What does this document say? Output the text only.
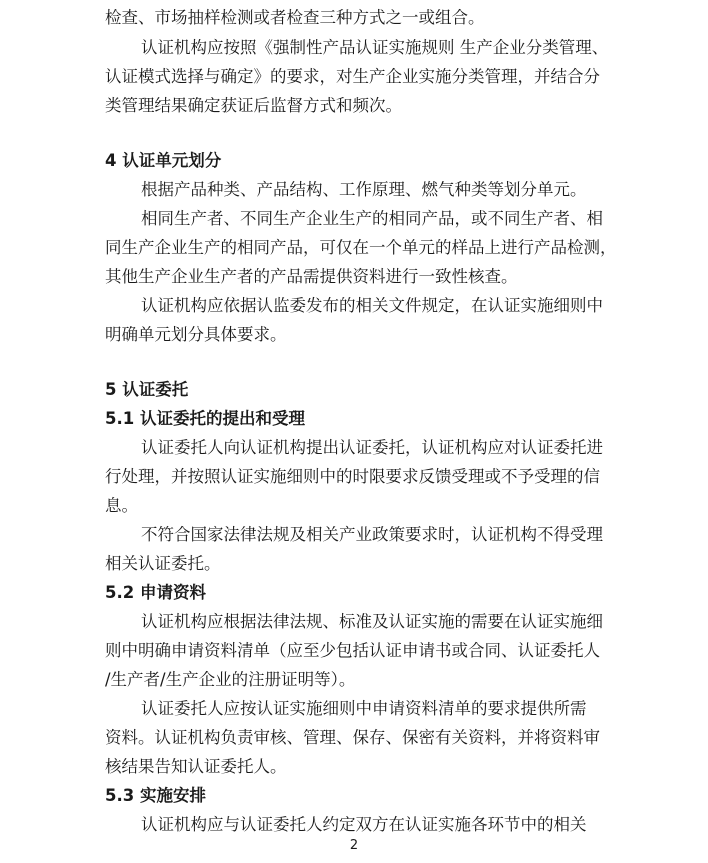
检查、市场抽样检测或者检查三种方式之一或组合。
认证机构应按照《强制性产品认证实施规则 生产企业分类管理、
认证模式选择与确定》的要求，对生产企业实施分类管理，并结合分
类管理结果确定获证后监督方式和频次。
4 认证单元划分
根据产品种类、产品结构、工作原理、燃气种类等划分单元。
相同生产者、不同生产企业生产的相同产品，或不同生产者、相
同生产企业生产的相同产品，可仅在一个单元的样品上进行产品检测，
其他生产企业生产者的产品需提供资料进行一致性核查。
认证机构应依据认监委发布的相关文件规定，在认证实施细则中
明确单元划分具体要求。
5 认证委托
5.1 认证委托的提出和受理
认证委托人向认证机构提出认证委托，认证机构应对认证委托进
行处理，并按照认证实施细则中的时限要求反馈受理或不予受理的信
息。
不符合国家法律法规及相关产业政策要求时，认证机构不得受理
相关认证委托。
5.2 申请资料
认证机构应根据法律法规、标准及认证实施的需要在认证实施细
则中明确申请资料清单（应至少包括认证申请书或合同、认证委托人
/生产者/生产企业的注册证明等）。
认证委托人应按认证实施细则中申请资料清单的要求提供所需
资料。认证机构负责审核、管理、保存、保密有关资料，并将资料审
核结果告知认证委托人。
5.3 实施安排
认证机构应与认证委托人约定双方在认证实施各环节中的相关
2
